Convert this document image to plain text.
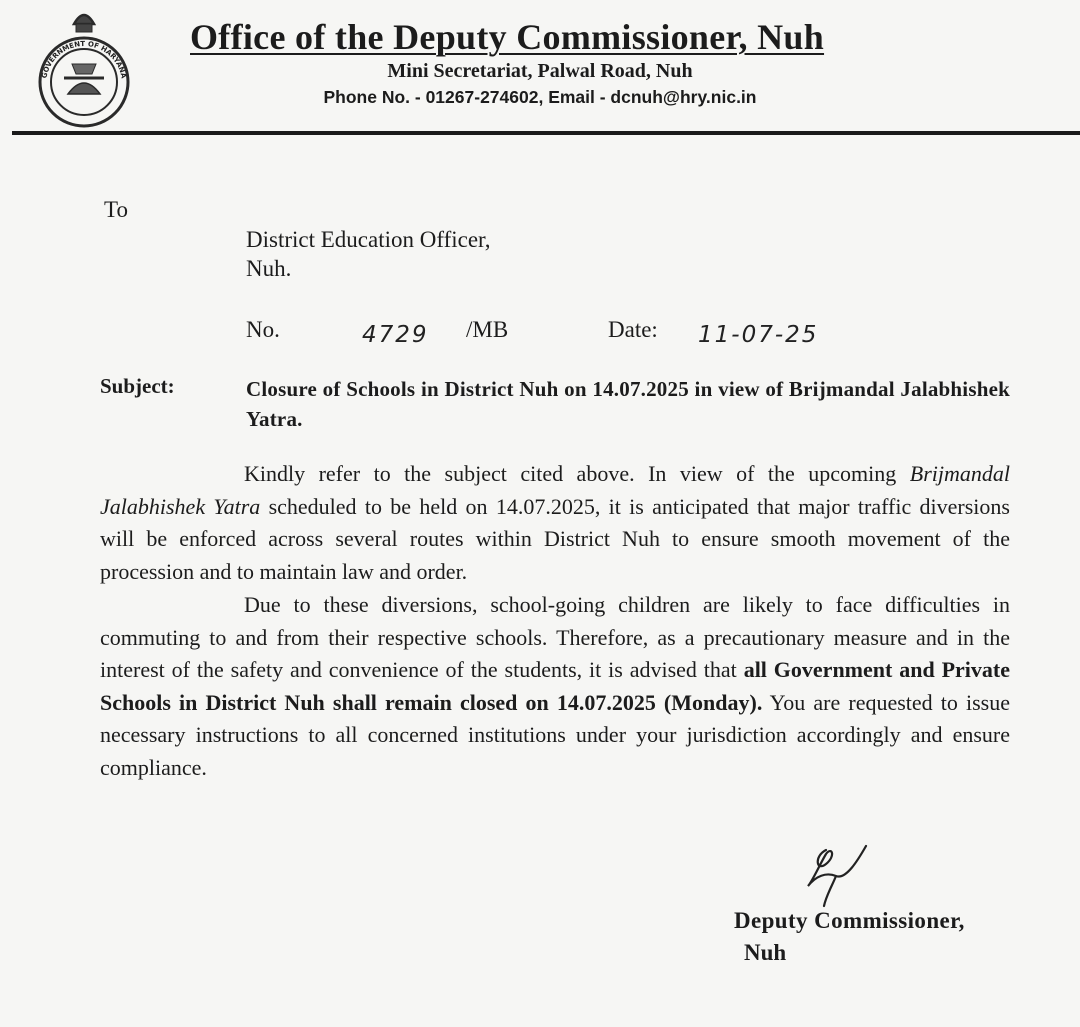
GOVERNMENT OF HARYANA
Office of the Deputy Commissioner, Nuh
Mini Secretariat, Palwal Road, Nuh
Phone No. - 01267-274602, Email - dcnuh@hry.nic.in
To
District Education Officer,
Nuh.
No.	4729 /MB	Date: 11-07-25
Subject:	Closure of Schools in District Nuh on 14.07.2025 in view of Brijmandal Jalabhishek Yatra.
Kindly refer to the subject cited above. In view of the upcoming Brijmandal Jalabhishek Yatra scheduled to be held on 14.07.2025, it is anticipated that major traffic diversions will be enforced across several routes within District Nuh to ensure smooth movement of the procession and to maintain law and order.
Due to these diversions, school-going children are likely to face difficulties in commuting to and from their respective schools. Therefore, as a precautionary measure and in the interest of the safety and convenience of the students, it is advised that all Government and Private Schools in District Nuh shall remain closed on 14.07.2025 (Monday). You are requested to issue necessary instructions to all concerned institutions under your jurisdiction accordingly and ensure compliance.
Deputy Commissioner,
Nuh
